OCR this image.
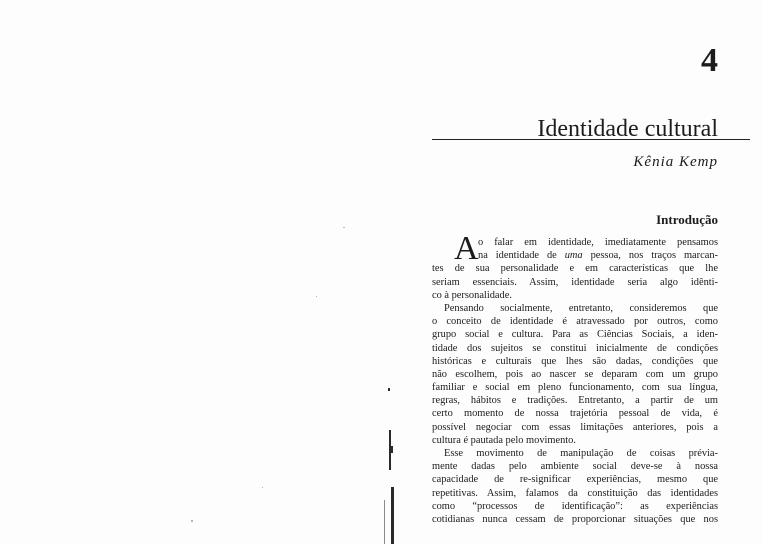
4
Identidade cultural
Kênia Kemp
Introdução
A o falar em identidade, imediatamente pensamos
na identidade de uma pessoa, nos traços marcan-
tes de sua personalidade e em características que lhe
seriam essenciais. Assim, identidade seria algo idênti-
co à personalidade.
Pensando socialmente, entretanto, consideremos que
o conceito de identidade é atravessado por outros, como
grupo social e cultura. Para as Ciências Sociais, a iden-
tidade dos sujeitos se constitui inicialmente de condições
históricas e culturais que lhes são dadas, condições que
não escolhem, pois ao nascer se deparam com um grupo
familiar e social em pleno funcionamento, com sua língua,
regras, hábitos e tradições. Entretanto, a partir de um
certo momento de nossa trajetória pessoal de vida, é
possível negociar com essas limitações anteriores, pois a
cultura é pautada pelo movimento.
Esse movimento de manipulação de coisas prévia-
mente dadas pelo ambiente social deve-se à nossa
capacidade de re-significar experiências, mesmo que
repetitivas. Assim, falamos da constituição das identidades
como “processos de identificação”: as experiências
cotidianas nunca cessam de proporcionar situações que nos
